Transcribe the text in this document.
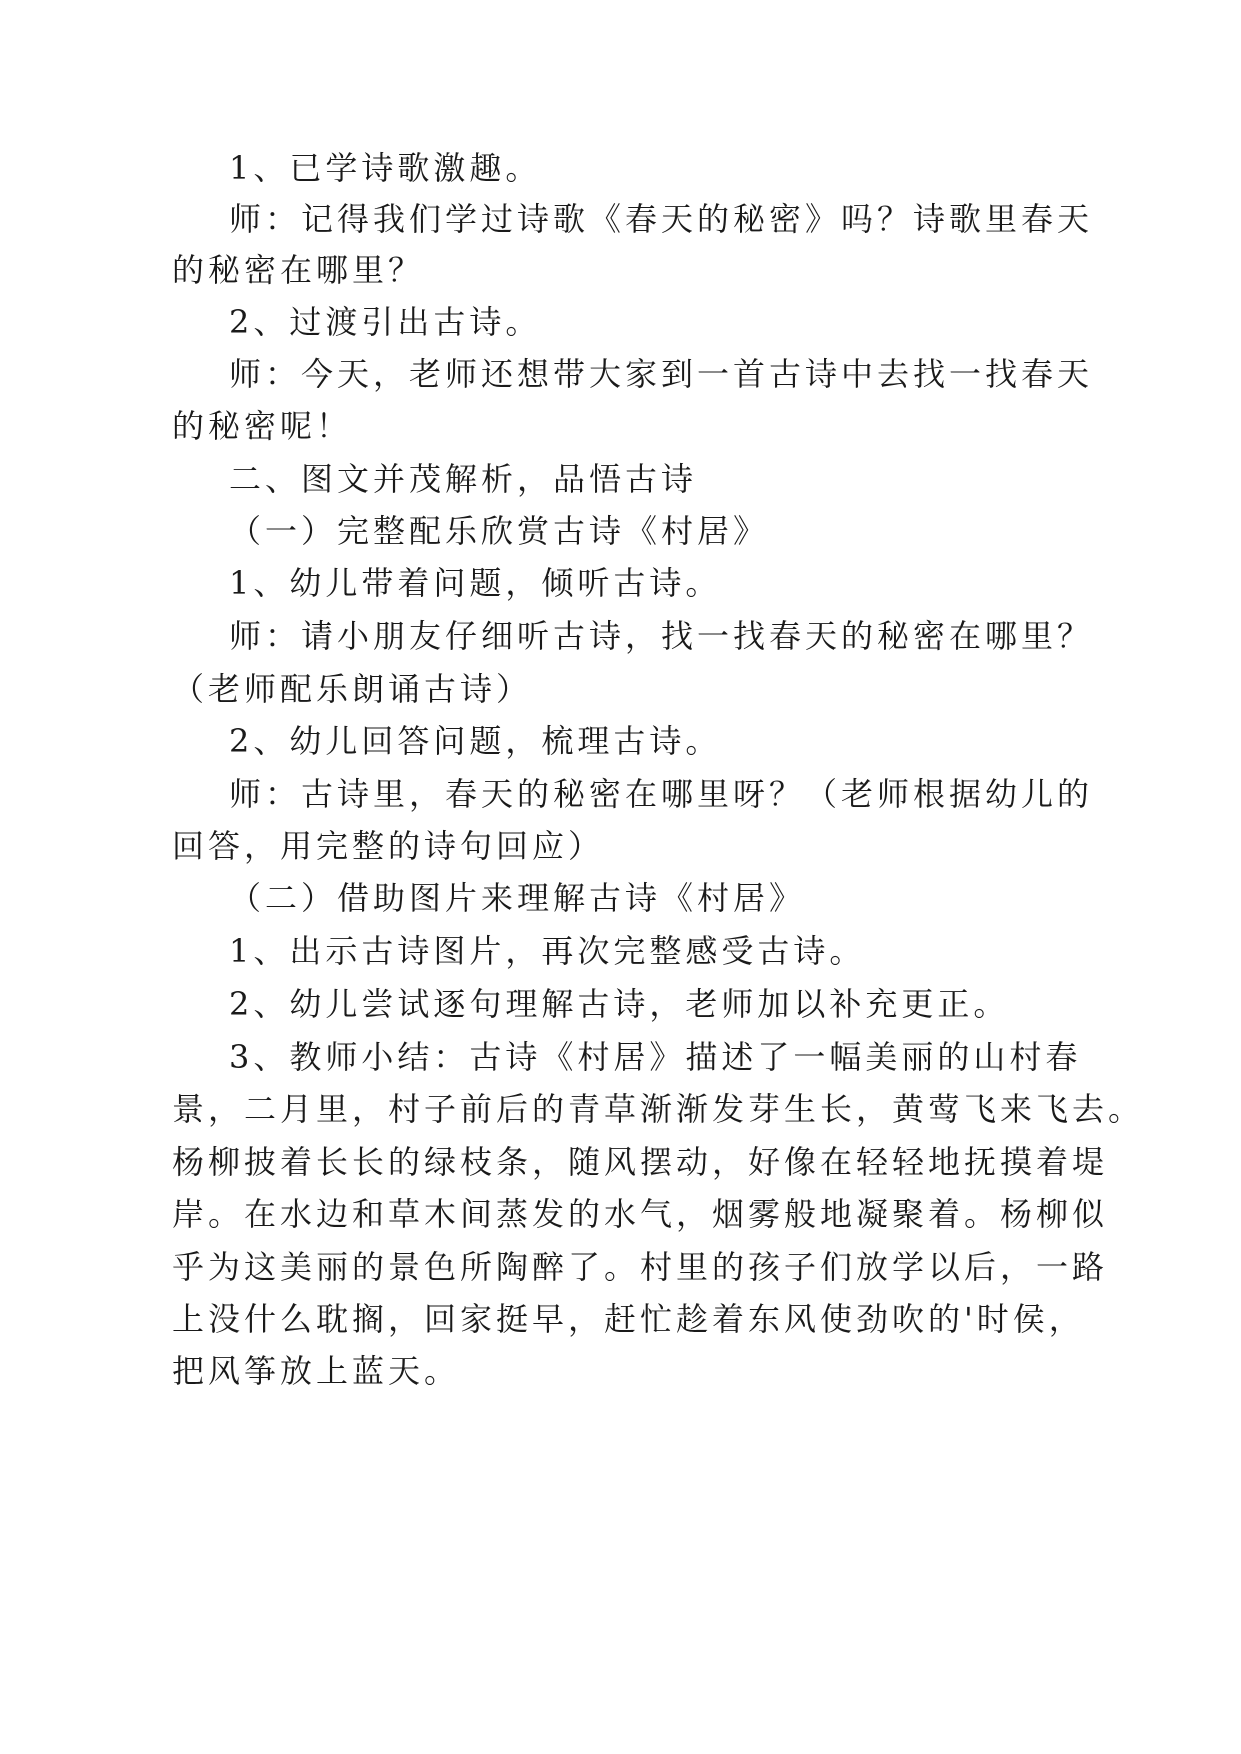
1、已学诗歌激趣。
师：记得我们学过诗歌《春天的秘密》吗？诗歌里春天
的秘密在哪里？
2、过渡引出古诗。
师：今天，老师还想带大家到一首古诗中去找一找春天
的秘密呢！
二、图文并茂解析，品悟古诗
（一）完整配乐欣赏古诗《村居》
1、幼儿带着问题，倾听古诗。
师：请小朋友仔细听古诗，找一找春天的秘密在哪里？
（老师配乐朗诵古诗）
2、幼儿回答问题，梳理古诗。
师：古诗里，春天的秘密在哪里呀？（老师根据幼儿的
回答，用完整的诗句回应）
（二）借助图片来理解古诗《村居》
1、出示古诗图片，再次完整感受古诗。
2、幼儿尝试逐句理解古诗，老师加以补充更正。
3、教师小结：古诗《村居》描述了一幅美丽的山村春
景，二月里，村子前后的青草渐渐发芽生长，黄莺飞来飞去。
杨柳披着长长的绿枝条，随风摆动，好像在轻轻地抚摸着堤
岸。在水边和草木间蒸发的水气，烟雾般地凝聚着。杨柳似
乎为这美丽的景色所陶醉了。村里的孩子们放学以后，一路
上没什么耽搁，回家挺早，赶忙趁着东风使劲吹的'时侯，
把风筝放上蓝天。
